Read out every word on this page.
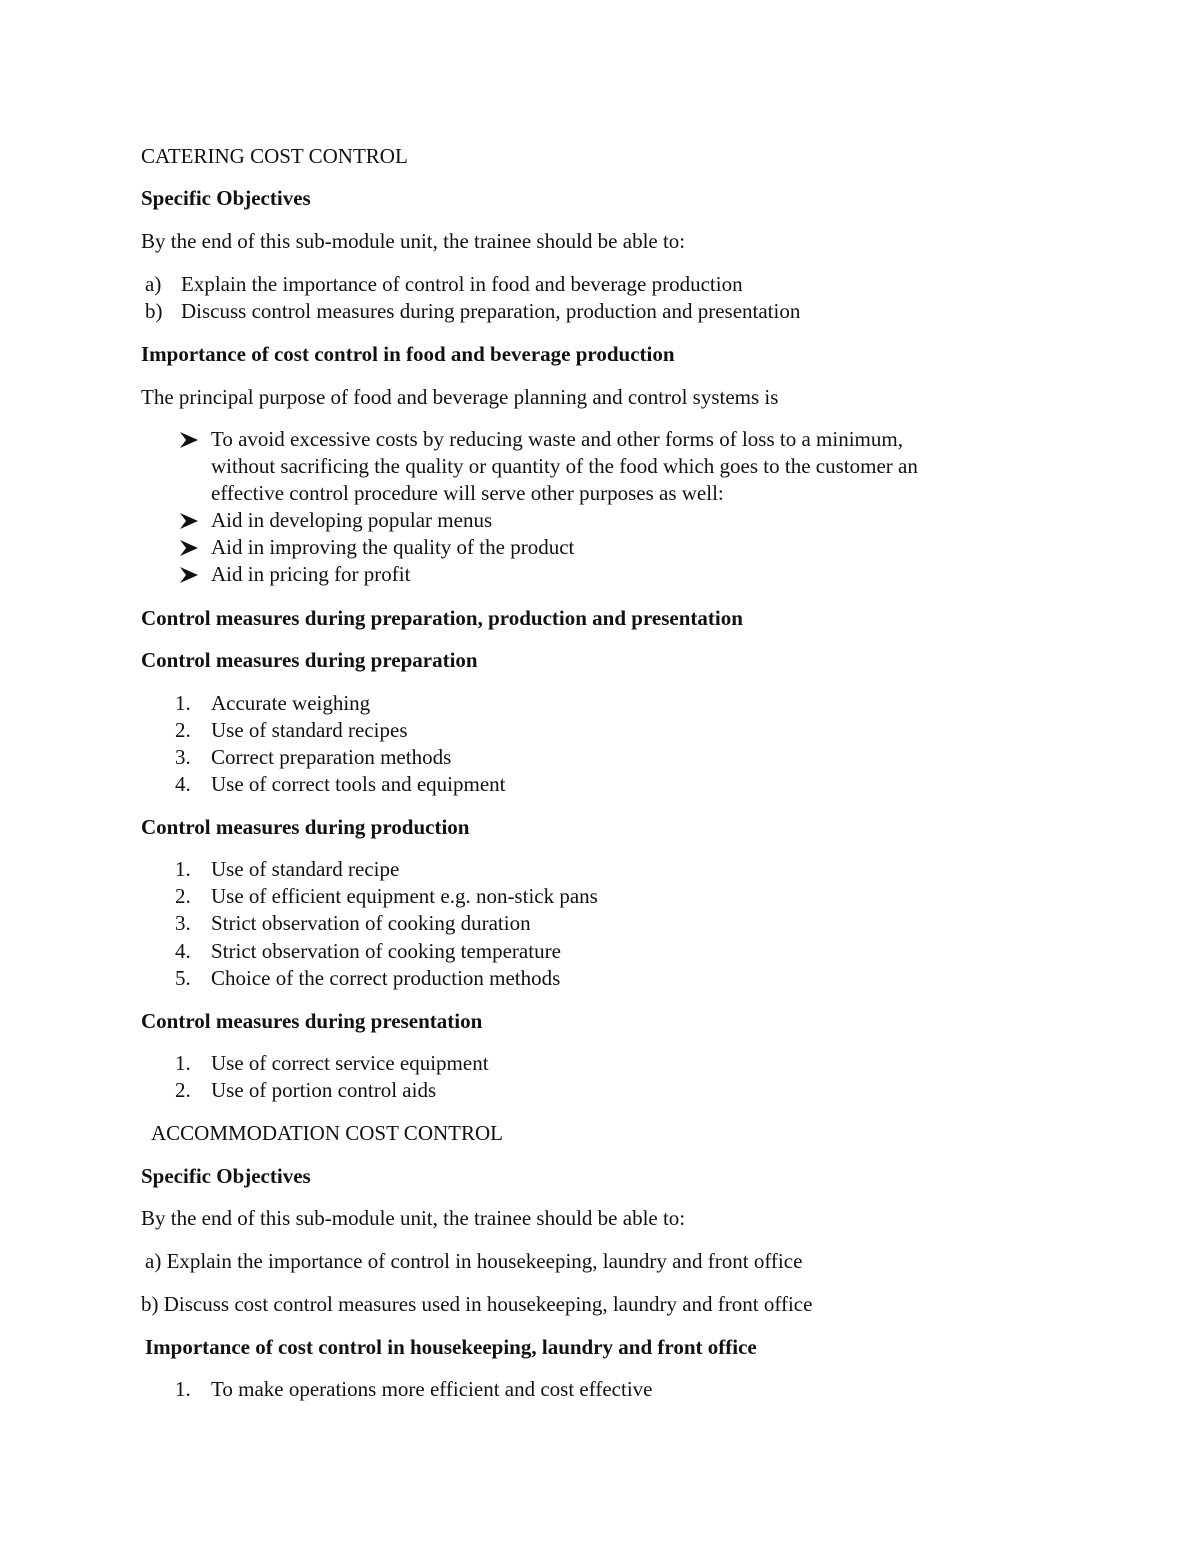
CATERING COST CONTROL

Specific Objectives

By the end of this sub-module unit, the trainee should be able to:

a) Explain the importance of control in food and beverage production
b) Discuss control measures during preparation, production and presentation

Importance of cost control in food and beverage production

The principal purpose of food and beverage planning and control systems is

To avoid excessive costs by reducing waste and other forms of loss to a minimum,
without sacrificing the quality or quantity of the food which goes to the customer an
effective control procedure will serve other purposes as well:
Aid in developing popular menus
Aid in improving the quality of the product
Aid in pricing for profit

Control measures during preparation, production and presentation

Control measures during preparation

1. Accurate weighing
2. Use of standard recipes
3. Correct preparation methods
4. Use of correct tools and equipment

Control measures during production

1. Use of standard recipe
2. Use of efficient equipment e.g. non-stick pans
3. Strict observation of cooking duration
4. Strict observation of cooking temperature
5. Choice of the correct production methods

Control measures during presentation

1. Use of correct service equipment
2. Use of portion control aids

ACCOMMODATION COST CONTROL

Specific Objectives

By the end of this sub-module unit, the trainee should be able to:

a) Explain the importance of control in housekeeping, laundry and front office

b) Discuss cost control measures used in housekeeping, laundry and front office

Importance of cost control in housekeeping, laundry and front office

1. To make operations more efficient and cost effective
